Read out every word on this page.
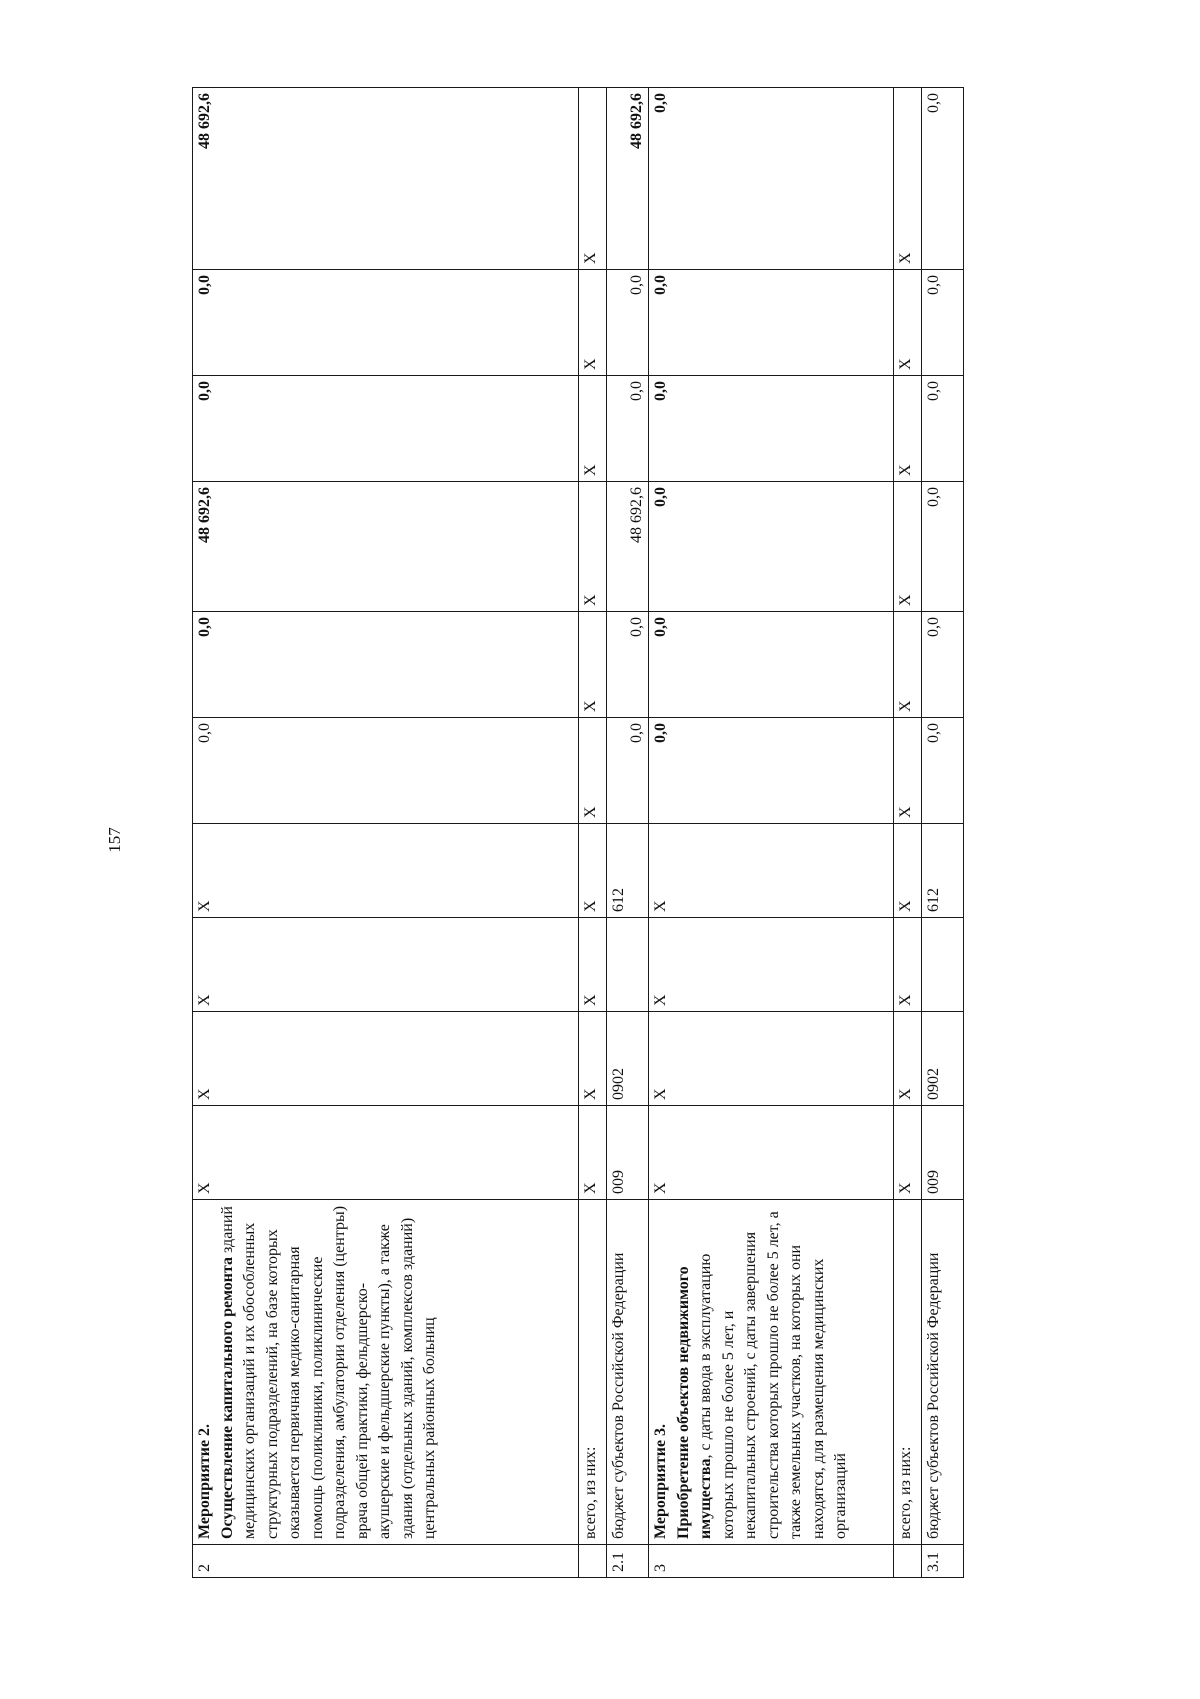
157
2	Мероприятие 2. Осуществление капитального ремонта зданий медицинских организаций и их обособленных структурных подразделений, на базе которых оказывается первичная медико-санитарная помощь (поликлиники, поликлинические подразделения, амбулатории отделения (центры) врача общей практики, фельдшерско-акушерские и фельдшерские пункты), а также здания (отдельных зданий, комплексов зданий) центральных районных больниц	X	X	X	X	0,0	0,0	48 692,6	0,0	0,0	48 692,6
	всего, из них:	X	X	X	X	X	X	X	X	X	X
2.1	бюджет субъектов Российской Федерации	009	0902		612	0,0	0,0	48 692,6	0,0	0,0	48 692,6
3	Мероприятие 3. Приобретение объектов недвижимого имущества, с даты ввода в эксплуатацию которых прошло не более 5 лет, и некапитальных строений, с даты завершения строительства которых прошло не более 5 лет, а также земельных участков, на которых они находятся, для размещения медицинских организаций	X	X	X	X	0,0	0,0	0,0	0,0	0,0	0,0
	всего, из них:	X	X	X	X	X	X	X	X	X	X
3.1	бюджет субъектов Российской Федерации	009	0902		612	0,0	0,0	0,0	0,0	0,0	0,0
